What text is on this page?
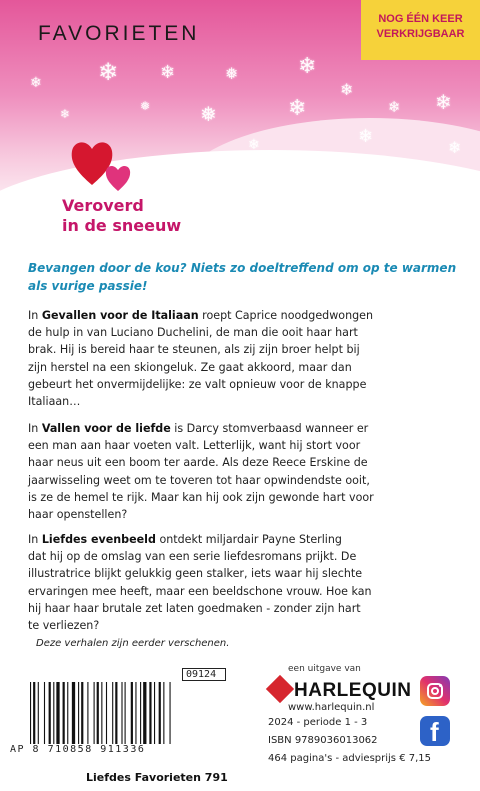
❄
❄	❄	❅	❄
❄
❅	❄	❄ ❄
❄
❅
❄
❄
❄
❅
FAVORIETEN
NOG ÉÉN KEER
VERKRIJGBAAR
Veroverd
in de sneeuw
Bevangen door de kou? Niets zo doeltreffend om op te warmen
als vurige passie!
In Gevallen voor de Italiaan roept Caprice noodgedwongen
de hulp in van Luciano Duchelini, de man die ooit haar hart
brak. Hij is bereid haar te steunen, als zij zijn broer helpt bij
zijn herstel na een skiongeluk. Ze gaat akkoord, maar dan
gebeurt het onvermijdelijke: ze valt opnieuw voor de knappe
Italiaan…
In Vallen voor de liefde is Darcy stomverbaasd wanneer er
een man aan haar voeten valt. Letterlijk, want hij stort voor
haar neus uit een boom ter aarde. Als deze Reece Erskine de
jaarwisseling weet om te toveren tot haar opwindendste ooit,
is ze de hemel te rijk. Maar kan hij ook zijn gewonde hart voor
haar openstellen?
In Liefdes evenbeeld ontdekt miljardair Payne Sterling
dat hij op de omslag van een serie liefdesromans prijkt. De
illustratrice blijkt gelukkig geen stalker, iets waar hij slechte
ervaringen mee heeft, maar een beeldschone vrouw. Hoe kan
hij haar haar brutale zet laten goedmaken - zonder zijn hart
te verliezen?
Deze verhalen zijn eerder verschenen.
09124
AP 8 710858 911336
Liefdes Favorieten 791
een uitgave van
HARLEQUIN
www.harlequin.nl
2024 - periode 1 - 3
ISBN 9789036013062
464 pagina's - adviesprijs € 7,15
f
